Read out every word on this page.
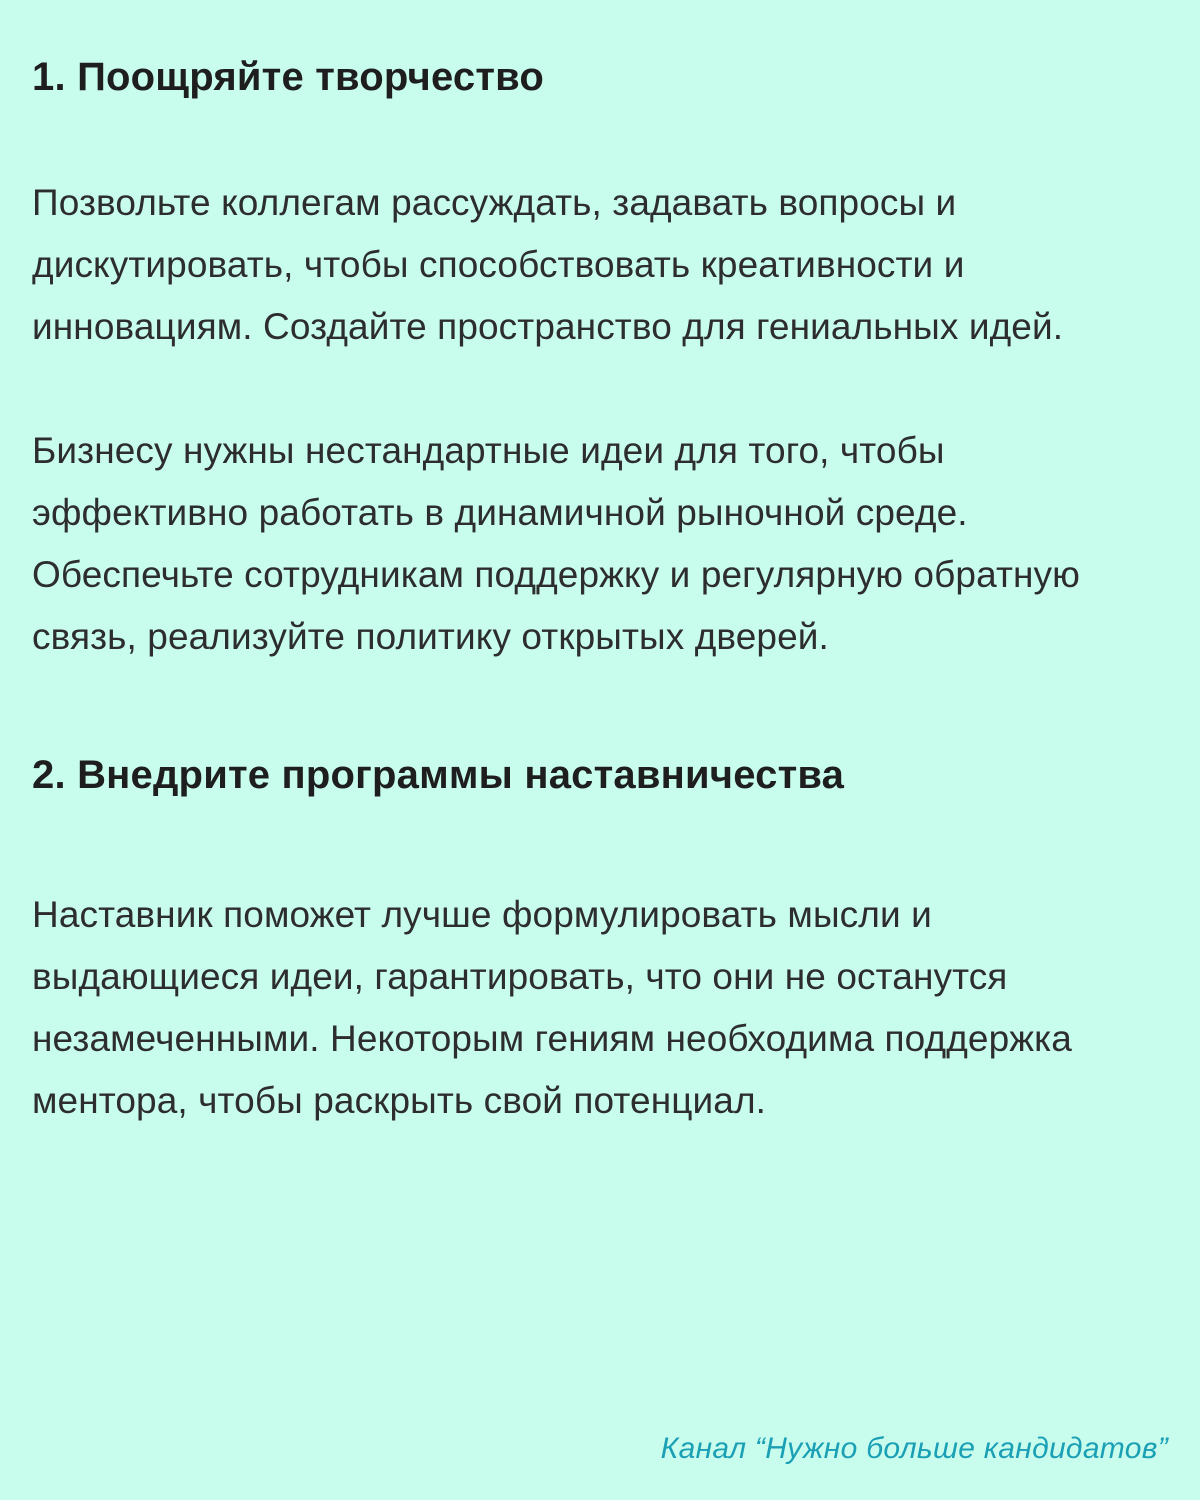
1. Поощряйте творчество

Позвольте коллегам рассуждать, задавать вопросы и дискутировать, чтобы способствовать креативности и инновациям. Создайте пространство для гениальных идей.

Бизнесу нужны нестандартные идеи для того, чтобы эффективно работать в динамичной рыночной среде. Обеспечьте сотрудникам поддержку и регулярную обратную связь, реализуйте политику открытых дверей.

2. Внедрите программы наставничества

Наставник поможет лучше формулировать мысли и выдающиеся идеи, гарантировать, что они не останутся незамеченными. Некоторым гениям необходима поддержка ментора, чтобы раскрыть свой потенциал.

Канал “Нужно больше кандидатов”
